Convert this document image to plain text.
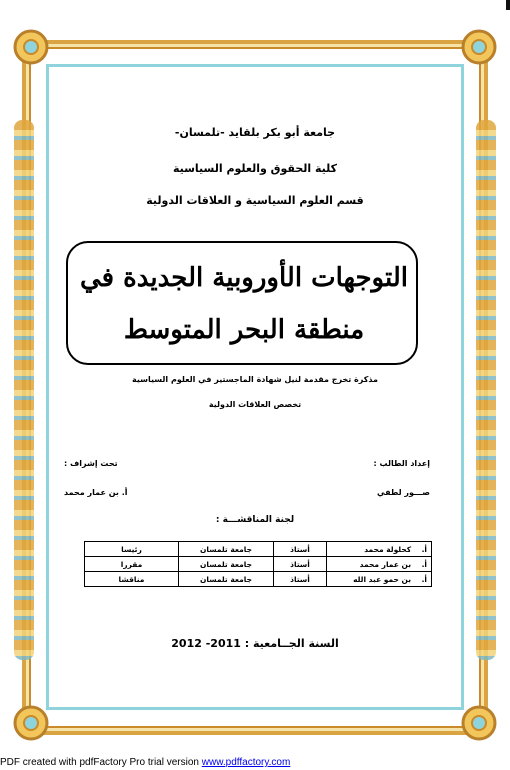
جامعة أبو بكر بلقايد -تلمسان-
كلية الحقوق والعلوم السياسية
قسم العلوم السياسية و العلاقات الدولية
التوجهات الأوروبية الجديدة في
منطقة البحر المتوسط
مذكرة تخرج مقدمة لنيل شهادة الماجستير في العلوم السياسية
تخصص العلاقات الدولية
إعداد الطالب :
صـــور لطفي
تحت إشراف :
أ. بن عمار محمد
لجنة المناقشـــة :
أ.    كحلولة محمد	أستاذ	جامعة تلمسان	رئيسا
أ.    بن عمار محمد	أستاذ	جامعة تلمسان	مقررا
أ.    بن حمو عبد الله	أستاذ	جامعة تلمسان	مناقشا
السنة الجــامعية : 2011- 2012
PDF created with pdfFactory Pro trial version www.pdffactory.com
